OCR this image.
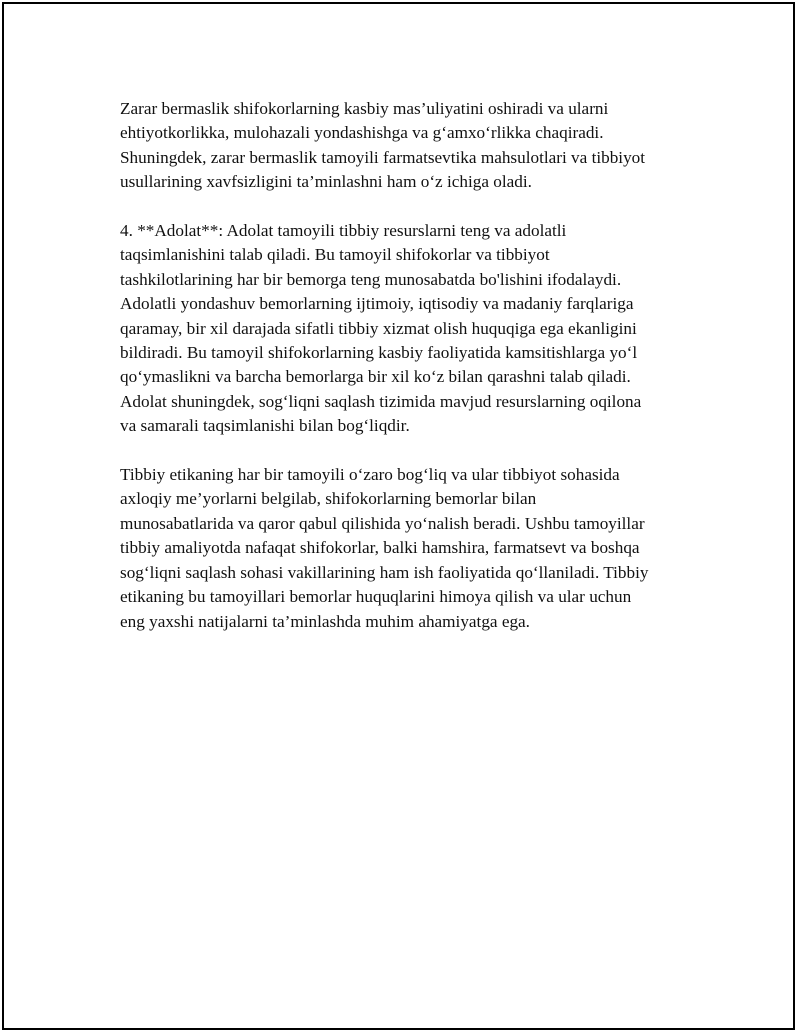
Zarar bermaslik shifokorlarning kasbiy mas’uliyatini oshiradi va ularni
ehtiyotkorlikka, mulohazali yondashishga va g‘amxo‘rlikka chaqiradi.
Shuningdek, zarar bermaslik tamoyili farmatsevtika mahsulotlari va tibbiyot
usullarining xavfsizligini ta’minlashni ham o‘z ichiga oladi.

4. **Adolat**: Adolat tamoyili tibbiy resurslarni teng va adolatli
taqsimlanishini talab qiladi. Bu tamoyil shifokorlar va tibbiyot
tashkilotlarining har bir bemorga teng munosabatda bo'lishini ifodalaydi.
Adolatli yondashuv bemorlarning ijtimoiy, iqtisodiy va madaniy farqlariga
qaramay, bir xil darajada sifatli tibbiy xizmat olish huquqiga ega ekanligini
bildiradi. Bu tamoyil shifokorlarning kasbiy faoliyatida kamsitishlarga yo‘l
qo‘ymaslikni va barcha bemorlarga bir xil ko‘z bilan qarashni talab qiladi.
Adolat shuningdek, sog‘liqni saqlash tizimida mavjud resurslarning oqilona
va samarali taqsimlanishi bilan bog‘liqdir.

Tibbiy etikaning har bir tamoyili o‘zaro bog‘liq va ular tibbiyot sohasida
axloqiy me’yorlarni belgilab, shifokorlarning bemorlar bilan
munosabatlarida va qaror qabul qilishida yo‘nalish beradi. Ushbu tamoyillar
tibbiy amaliyotda nafaqat shifokorlar, balki hamshira, farmatsevt va boshqa
sog‘liqni saqlash sohasi vakillarining ham ish faoliyatida qo‘llaniladi. Tibbiy
etikaning bu tamoyillari bemorlar huquqlarini himoya qilish va ular uchun
eng yaxshi natijalarni ta’minlashda muhim ahamiyatga ega.
